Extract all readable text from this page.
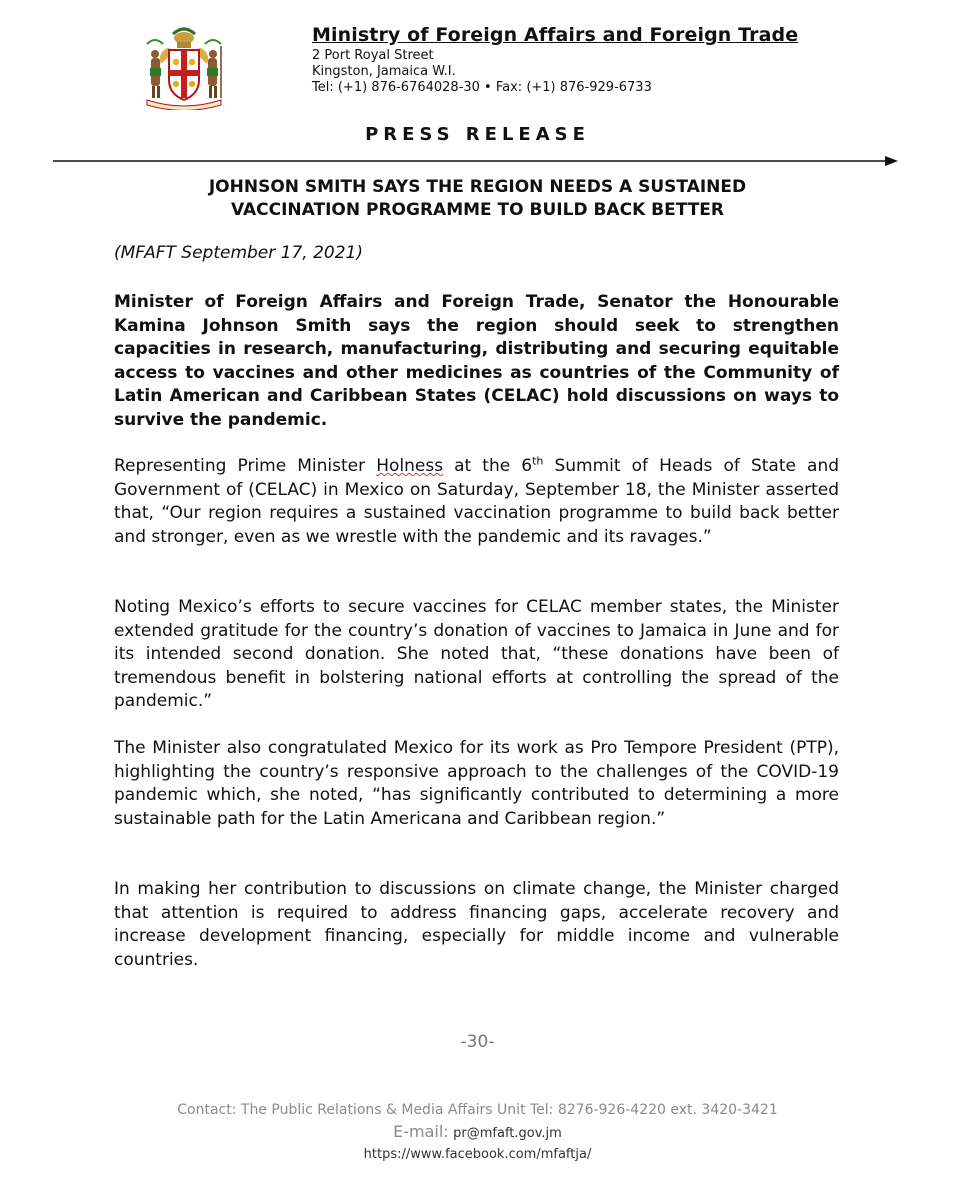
Ministry of Foreign Affairs and Foreign Trade
2 Port Royal Street
Kingston, Jamaica W.I.
Tel: (+1) 876-6764028-30 • Fax: (+1) 876-929-6733
PRESS RELEASE
JOHNSON SMITH SAYS THE REGION NEEDS A SUSTAINED
VACCINATION PROGRAMME TO BUILD BACK BETTER
(MFAFT September 17, 2021)

Minister of Foreign Affairs and Foreign Trade, Senator the Honourable Kamina Johnson Smith says the region should seek to strengthen capacities in research, manufacturing, distributing and securing equitable access to vaccines and other medicines as countries of the Community of Latin American and Caribbean States (CELAC) hold discussions on ways to survive the pandemic.

Representing Prime Minister Holness at the 6th Summit of Heads of State and Government of (CELAC) in Mexico on Saturday, September 18, the Minister asserted that, “Our region requires a sustained vaccination programme to build back better and stronger, even as we wrestle with the pandemic and its ravages.”

Noting Mexico’s efforts to secure vaccines for CELAC member states, the Minister extended gratitude for the country’s donation of vaccines to Jamaica in June and for its intended second donation. She noted that, “these donations have been of tremendous benefit in bolstering national efforts at controlling the spread of the pandemic.”

The Minister also congratulated Mexico for its work as Pro Tempore President (PTP), highlighting the country’s responsive approach to the challenges of the COVID-19 pandemic which, she noted, “has significantly contributed to determining a more sustainable path for the Latin Americana and Caribbean region.”

In making her contribution to discussions on climate change, the Minister charged that attention is required to address financing gaps, accelerate recovery and increase development financing, especially for middle income and vulnerable countries.

-30-
Contact: The Public Relations & Media Affairs Unit Tel: 8276-926-4220 ext. 3420-3421
E-mail: pr@mfaft.gov.jm
https://www.facebook.com/mfaftja/
